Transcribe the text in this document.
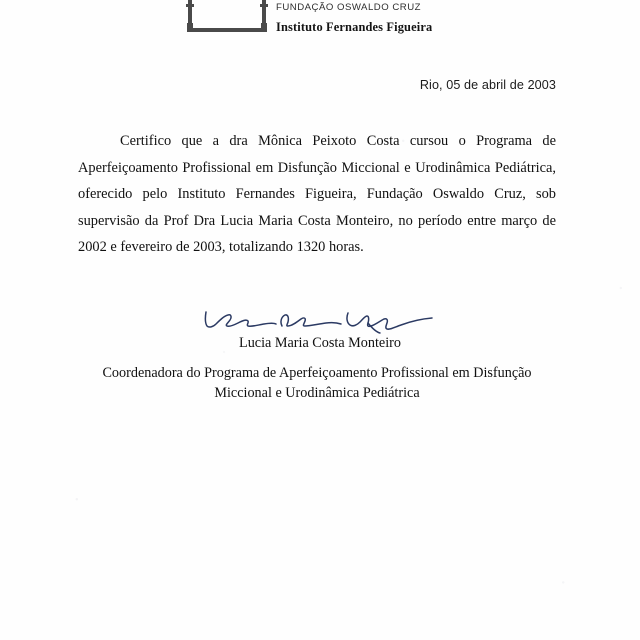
FUNDAÇÃO OSWALDO CRUZ
Instituto Fernandes Figueira
Rio, 05 de abril de 2003
Certifico que a dra Mônica Peixoto Costa cursou o Programa de Aperfeiçoamento Profissional em Disfunção Miccional e Urodinâmica Pediátrica, oferecido pelo Instituto Fernandes Figueira, Fundação Oswaldo Cruz, sob supervisão da Prof Dra Lucia Maria Costa Monteiro, no período entre março de 2002 e fevereiro de 2003, totalizando 1320 horas.
Lucia Maria Costa Monteiro
Coordenadora do Programa de Aperfeiçoamento Profissional em Disfunção
Miccional e Urodinâmica Pediátrica
